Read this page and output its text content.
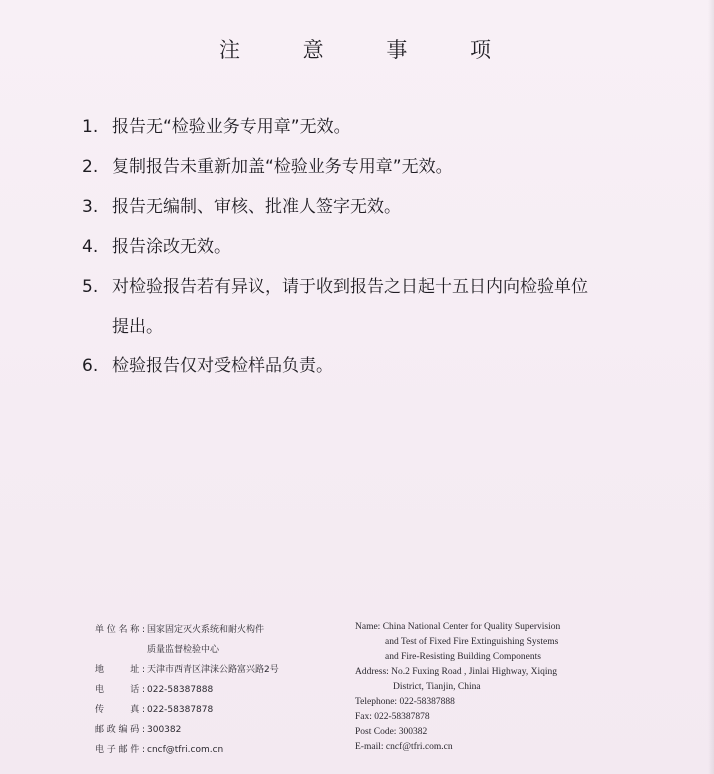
注 意 事 项
1. 报告无“检验业务专用章”无效。
2. 复制报告未重新加盖“检验业务专用章”无效。
3. 报告无编制、审核、批准人签字无效。
4. 报告涂改无效。
5. 对检验报告若有异议，请于收到报告之日起十五日内向检验单位提出。
6. 检验报告仅对受检样品负责。
单位名称: 国家固定灭火系统和耐火构件
质量监督检验中心
地　　址: 天津市西青区津涞公路富兴路2号
电　　话: 022-58387888
传　　真: 022-58387878
邮政编码: 300382
电子邮件: cncf@tfri.com.cn
Name: China National Center for Quality Supervision
and Test of Fixed Fire Extinguishing Systems
and Fire-Resisting Building Components
Address: No.2 Fuxing Road , Jinlai Highway, Xiqing
District, Tianjin, China
Telephone: 022-58387888
Fax: 022-58387878
Post Code: 300382
E-mail: cncf@tfri.com.cn
